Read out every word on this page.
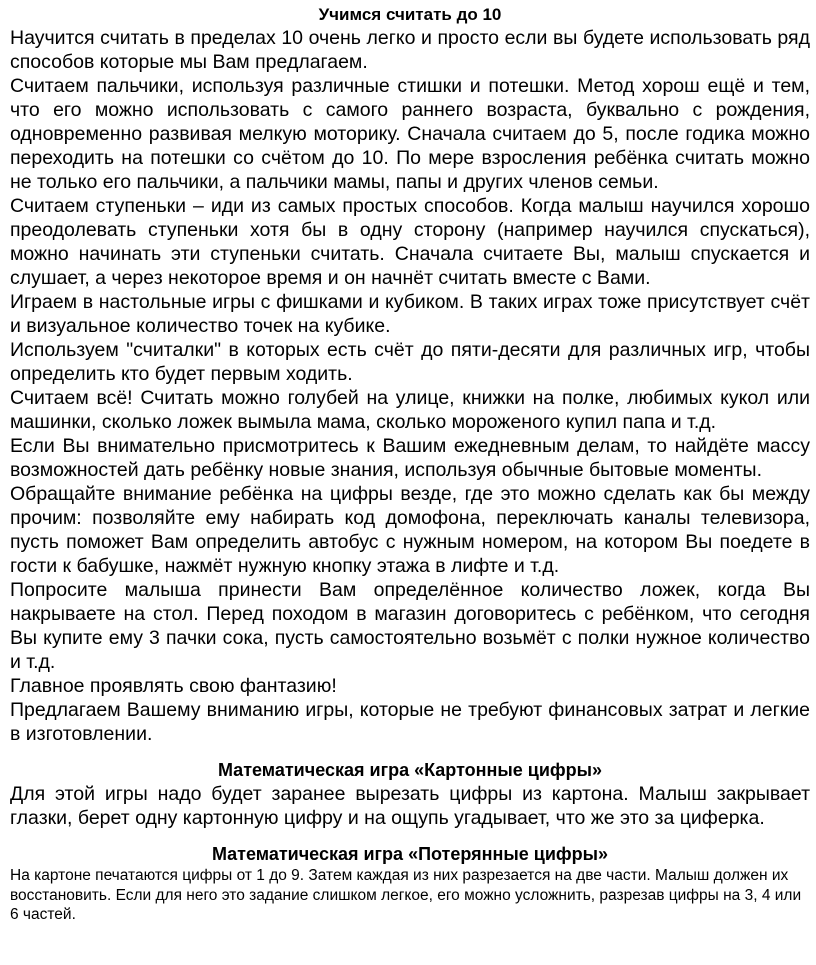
Учимся считать до 10

Научится считать в пределах 10 очень легко и просто если вы будете использовать ряд способов которые мы Вам предлагаем.

Считаем пальчики, используя различные стишки и потешки. Метод хорош ещё и тем, что его можно использовать с самого раннего возраста, буквально с рождения, одновременно развивая мелкую моторику. Сначала считаем до 5, после годика можно переходить на потешки со счётом до 10. По мере взросления ребёнка считать можно не только его пальчики, а пальчики мамы, папы и других членов семьи.

Считаем ступеньки – иди из самых простых способов. Когда малыш научился хорошо преодолевать ступеньки хотя бы в одну сторону (например научился спускаться), можно начинать эти ступеньки считать. Сначала считаете Вы, малыш спускается и слушает, а через некоторое время и он начнёт считать вместе с Вами.

Играем в настольные игры с фишками и кубиком. В таких играх тоже присутствует счёт и визуальное количество точек на кубике.

Используем "считалки" в которых есть счёт до пяти-десяти для различных игр, чтобы определить кто будет первым ходить.

Считаем всё! Считать можно голубей на улице, книжки на полке, любимых кукол или машинки, сколько ложек вымыла мама, сколько мороженого купил папа и т.д.

Если Вы внимательно присмотритесь к Вашим ежедневным делам, то найдёте массу возможностей дать ребёнку новые знания, используя обычные бытовые моменты.

Обращайте внимание ребёнка на цифры везде, где это можно сделать как бы между прочим: позволяйте ему набирать код домофона, переключать каналы телевизора, пусть поможет Вам определить автобус с нужным номером, на котором Вы поедете в гости к бабушке, нажмёт нужную кнопку этажа в лифте и т.д.

Попросите малыша принести Вам определённое количество ложек, когда Вы накрываете на стол. Перед походом в магазин договоритесь с ребёнком, что сегодня Вы купите ему 3 пачки сока, пусть самостоятельно возьмёт с полки нужное количество и т.д.

Главное проявлять свою фантазию!

Предлагаем Вашему вниманию игры, которые не требуют финансовых затрат и легкие в изготовлении.

Математическая игра «Картонные цифры»

Для этой игры надо будет заранее вырезать цифры из картона. Малыш закрывает глазки, берет одну картонную цифру и на ощупь угадывает, что же это за циферка.

Математическая игра «Потерянные цифры»

На картоне печатаются цифры от 1 до 9. Затем каждая из них разрезается на две части. Малыш должен их восстановить. Если для него это задание слишком легкое, его можно усложнить, разрезав цифры на 3, 4 или 6 частей.
